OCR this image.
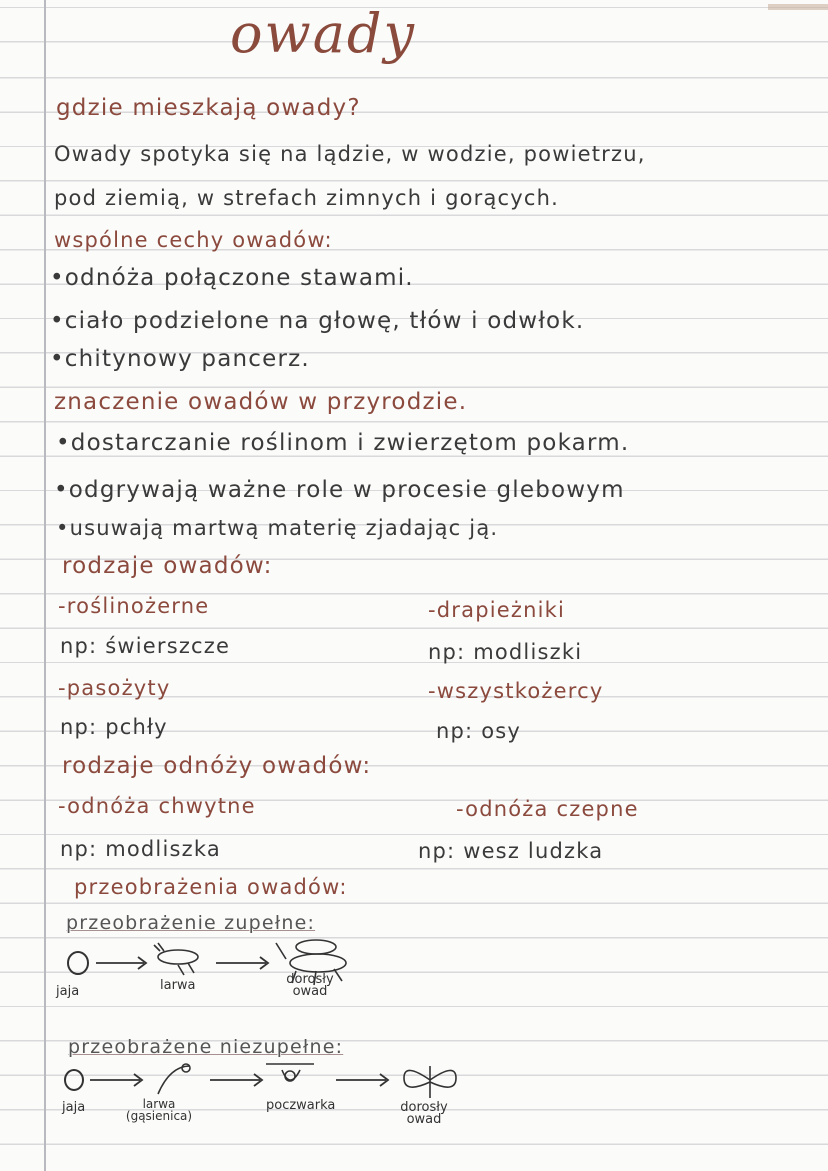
owady
gdzie mieszkają owady?
Owady spotyka się na lądzie, w wodzie, powietrzu,
pod ziemią, w strefach zimnych i gorących.
wspólne cechy owadów:
•odnóża połączone stawami.
•ciało podzielone na głowę, tłów i odwłok.
•chitynowy pancerz.
znaczenie owadów w przyrodzie.
•dostarczanie roślinom i zwierzętom pokarm.
•odgrywają ważne role w procesie glebowym
•usuwają martwą materię zjadając ją.
rodzaje owadów:
-roślinożerne
np: świerszcze
-drapieżniki
np: modliszki
-pasożyty
np: pchły
-wszystkożercy
np: osy
rodzaje odnóży owadów:
-odnóża chwytne
np: modliszka
-odnóża czepne
np: wesz ludzka
przeobrażenia owadów:
przeobrażenie zupełne:
jaja	larwa	dorosły owad
przeobrażene niezupełne:
jaja	larwa (gąsienica)
poczwarka	dorosły owad
